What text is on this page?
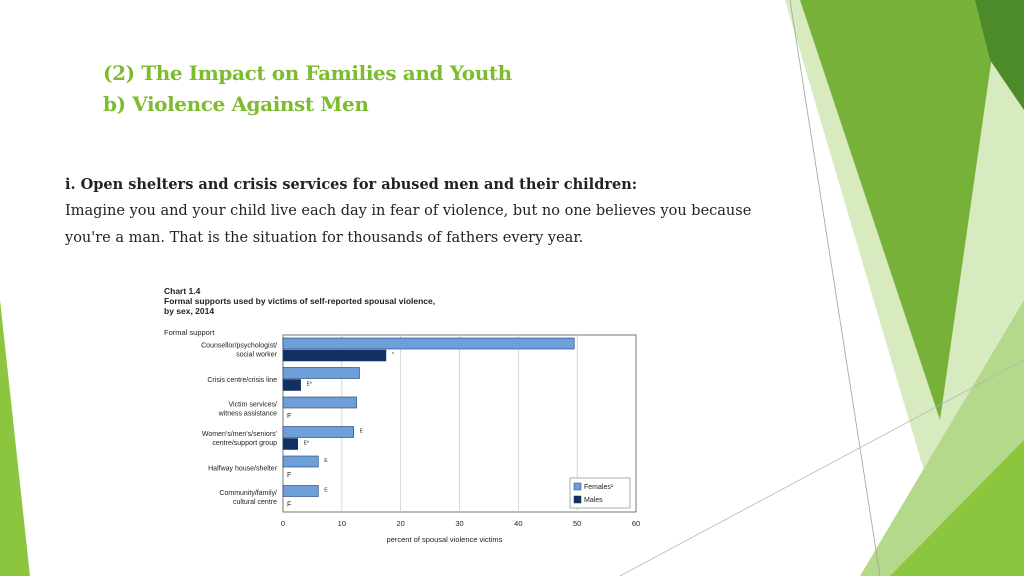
(2) The Impact on Families and Youth
b) Violence Against Men
i. Open shelters and crisis services for abused men and their children:
Imagine you and your child live each day in fear of violence, but no one believes you because you're a man. That is the situation for thousands of fathers every year.
Chart 1.4
Formal supports used by victims of self-reported spousal violence,
by sex, 2014
Formal support
0	10	20	30	40	50	60
percent of spousal violence victims
Counsellor/psychologist/
social worker	*
Crisis centre/crisis line
E*
Victim services/
witness assistance F
Women's/men's/seniors'
centre/support group
E
E*
Halfway house/shelter
E
F
Community/family/
cultural centre
E
F
Females¹
Males
